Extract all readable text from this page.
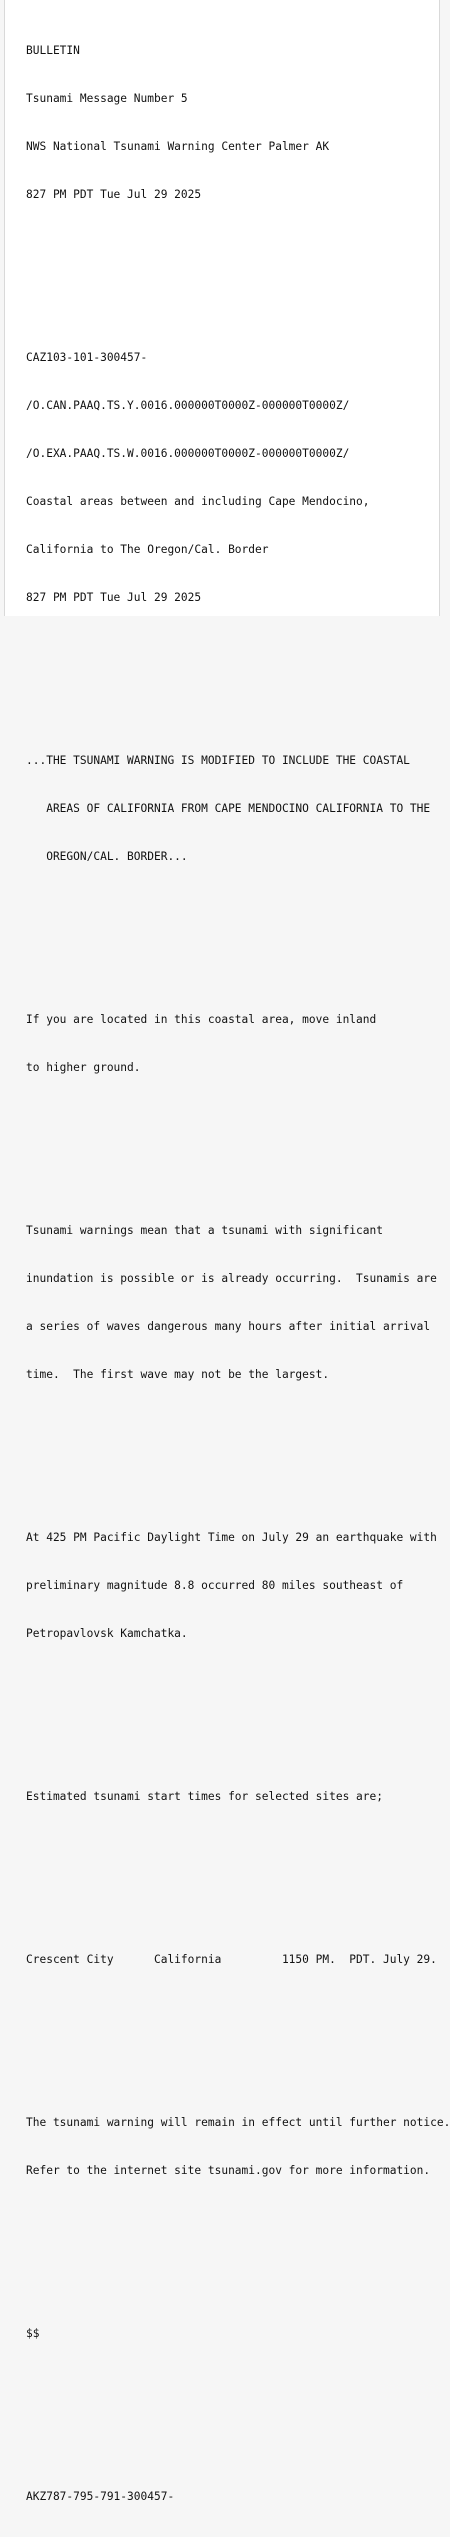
BULLETIN

Tsunami Message Number 5

NWS National Tsunami Warning Center Palmer AK

827 PM PDT Tue Jul 29 2025

CAZ103-101-300457-

/O.CAN.PAAQ.TS.Y.0016.000000T0000Z-000000T0000Z/

/O.EXA.PAAQ.TS.W.0016.000000T0000Z-000000T0000Z/

Coastal areas between and including Cape Mendocino,

California to The Oregon/Cal. Border

827 PM PDT Tue Jul 29 2025

...THE TSUNAMI WARNING IS MODIFIED TO INCLUDE THE COASTAL

AREAS OF CALIFORNIA FROM CAPE MENDOCINO CALIFORNIA TO THE

OREGON/CAL. BORDER...

If you are located in this coastal area, move inland

to higher ground.

Tsunami warnings mean that a tsunami with significant

inundation is possible or is already occurring.  Tsunamis are

a series of waves dangerous many hours after initial arrival

time.  The first wave may not be the largest.

At 425 PM Pacific Daylight Time on July 29 an earthquake with

preliminary magnitude 8.8 occurred 80 miles southeast of

Petropavlovsk Kamchatka.

Estimated tsunami start times for selected sites are;

Crescent City      California         1150 PM.  PDT. July 29.

The tsunami warning will remain in effect until further notice.

Refer to the internet site tsunami.gov for more information.

$$

AKZ787-795-791-300457-
